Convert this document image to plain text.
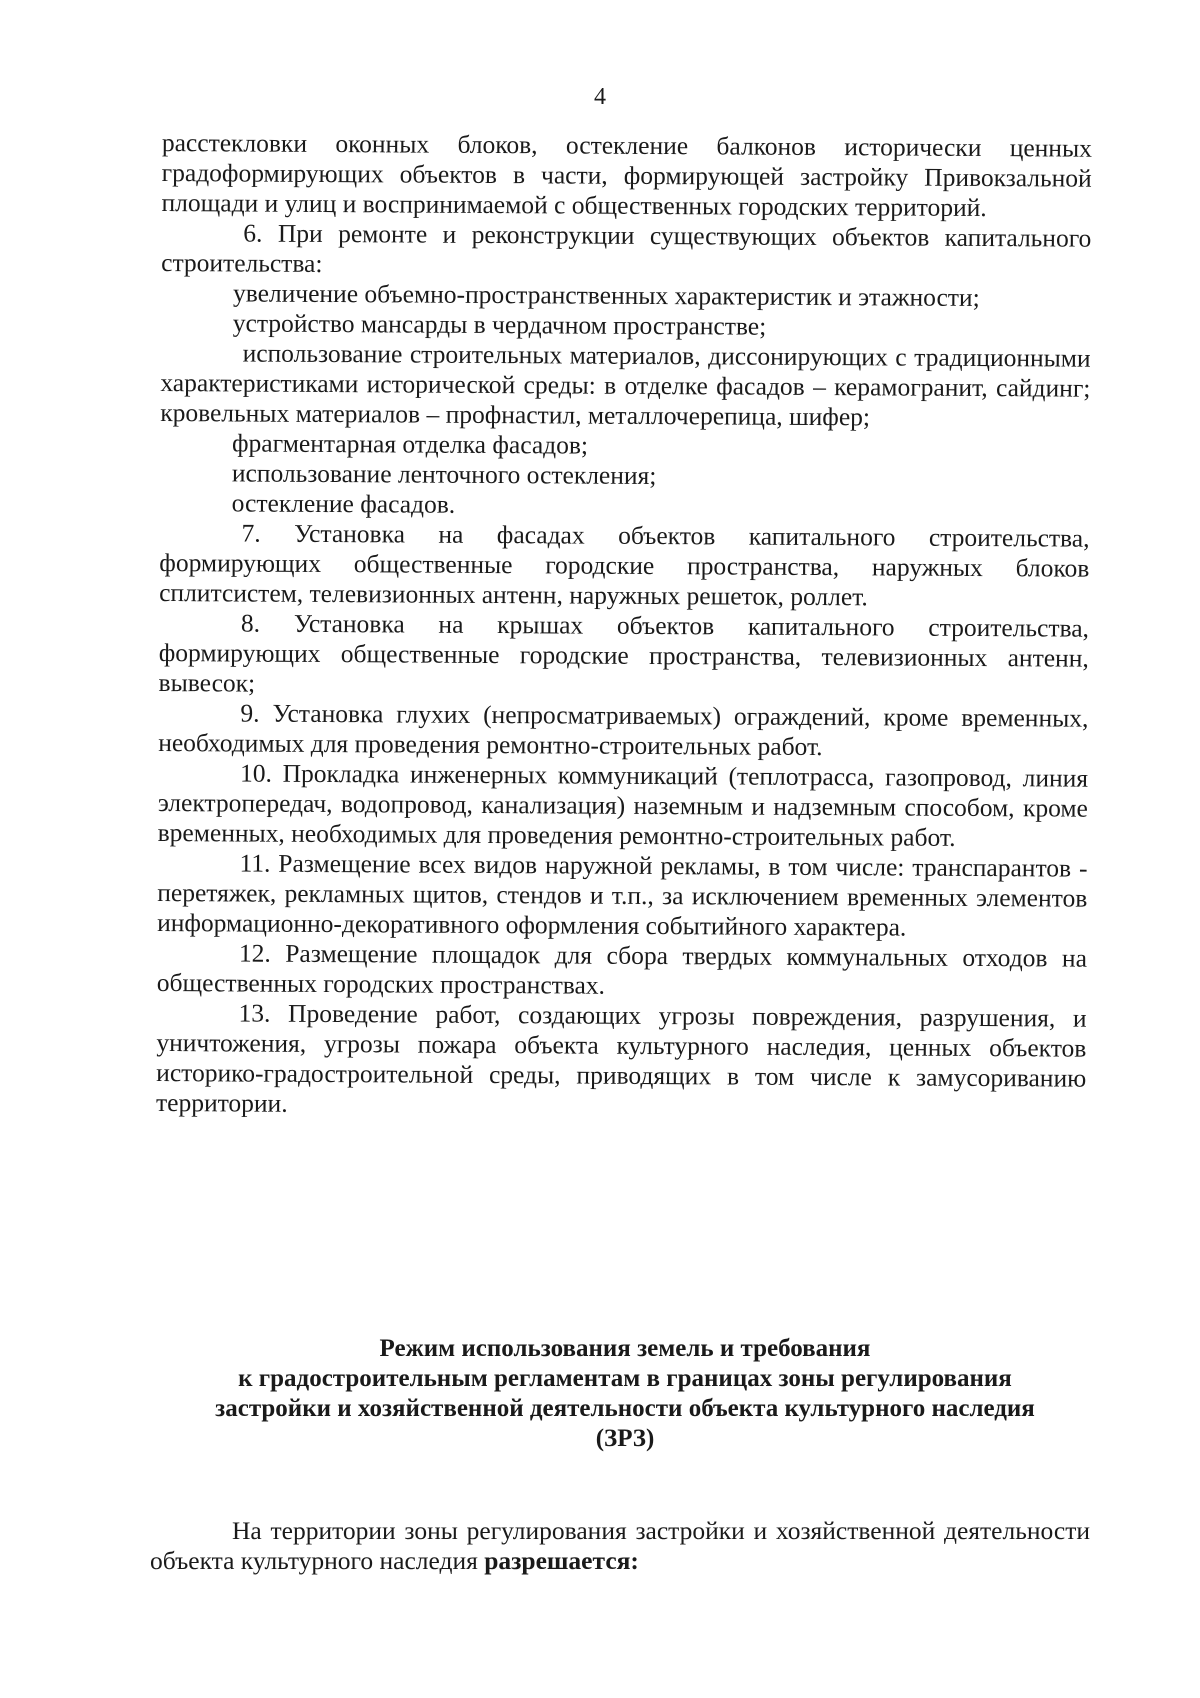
4

расстекловки оконных блоков, остекление балконов исторически ценных градоформирующих объектов в части, формирующей застройку Привокзальной площади и улиц и воспринимаемой с общественных городских территорий.

6. При ремонте и реконструкции существующих объектов капитального строительства:

увеличение объемно-пространственных характеристик и этажности;

устройство мансарды в чердачном пространстве;

использование строительных материалов, диссонирующих с традиционными характеристиками исторической среды: в отделке фасадов – керамогранит, сайдинг; кровельных материалов – профнастил, металлочерепица, шифер;

фрагментарная отделка фасадов;

использование ленточного остекления;

остекление фасадов.

7. Установка на фасадах объектов капитального строительства, формирующих общественные городские пространства, наружных блоков сплитсистем, телевизионных антенн, наружных решеток, роллет.

8. Установка на крышах объектов капитального строительства, формирующих общественные городские пространства, телевизионных антенн, вывесок;

9. Установка глухих (непросматриваемых) ограждений, кроме временных, необходимых для проведения ремонтно-строительных работ.

10. Прокладка инженерных коммуникаций (теплотрасса, газопровод, линия электропередач, водопровод, канализация) наземным и надземным способом, кроме временных, необходимых для проведения ремонтно-строительных работ.

11. Размещение всех видов наружной рекламы, в том числе: транспарантов - перетяжек, рекламных щитов, стендов и т.п., за исключением временных элементов информационно-декоративного оформления событийного характера.

12. Размещение площадок для сбора твердых коммунальных отходов на общественных городских пространствах.

13. Проведение работ, создающих угрозы повреждения, разрушения, и уничтожения, угрозы пожара объекта культурного наследия, ценных объектов историко-градостроительной среды, приводящих в том числе к замусориванию территории.

Режим использования земель и требования
к градостроительным регламентам в границах зоны регулирования
застройки и хозяйственной деятельности объекта культурного наследия
(ЗРЗ)

На территории зоны регулирования застройки и хозяйственной деятельности объекта культурного наследия разрешается:
